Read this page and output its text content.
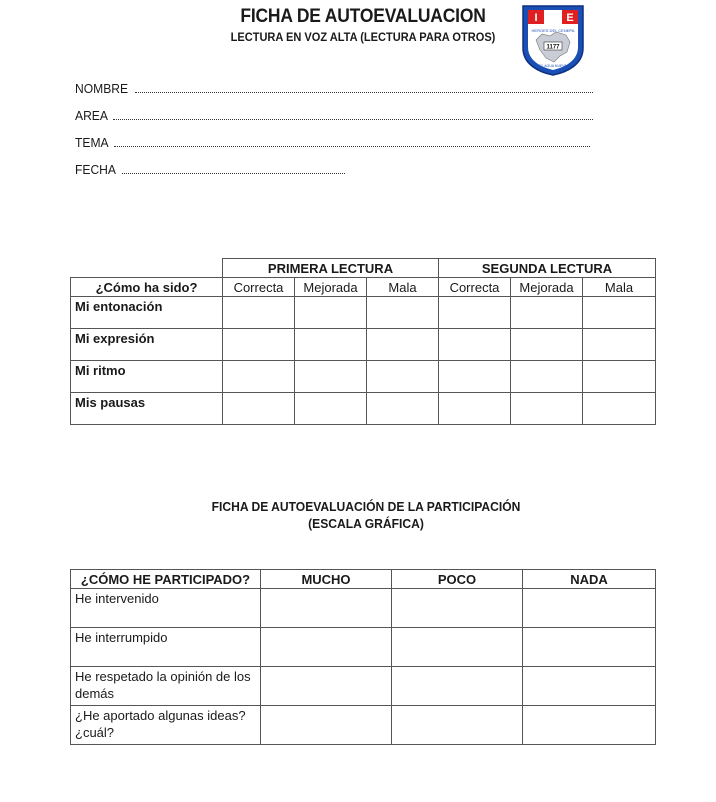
FICHA DE AUTOEVALUACION
LECTURA EN VOZ ALTA (LECTURA PARA OTROS)
I	E
HEROES DEL CENEPA
1177
EL AGUA NUEVA
NOMBRE
AREA
TEMA
FECHA
	PRIMERA LECTURA			SEGUNDA LECTURA		
¿Cómo ha sido?	Correcta	Mejorada	Mala	Correcta	Mejorada	Mala
Mi entonación						
Mi expresión						
Mi ritmo						
Mis pausas						
FICHA DE AUTOEVALUACIÓN DE LA PARTICIPACIÓN
(ESCALA GRÁFICA)
¿CÓMO HE PARTICIPADO?	MUCHO	POCO	NADA
He intervenido			
He interrumpido			
He respetado la opinión de los demás			
¿He aportado algunas ideas? ¿cuál?			
